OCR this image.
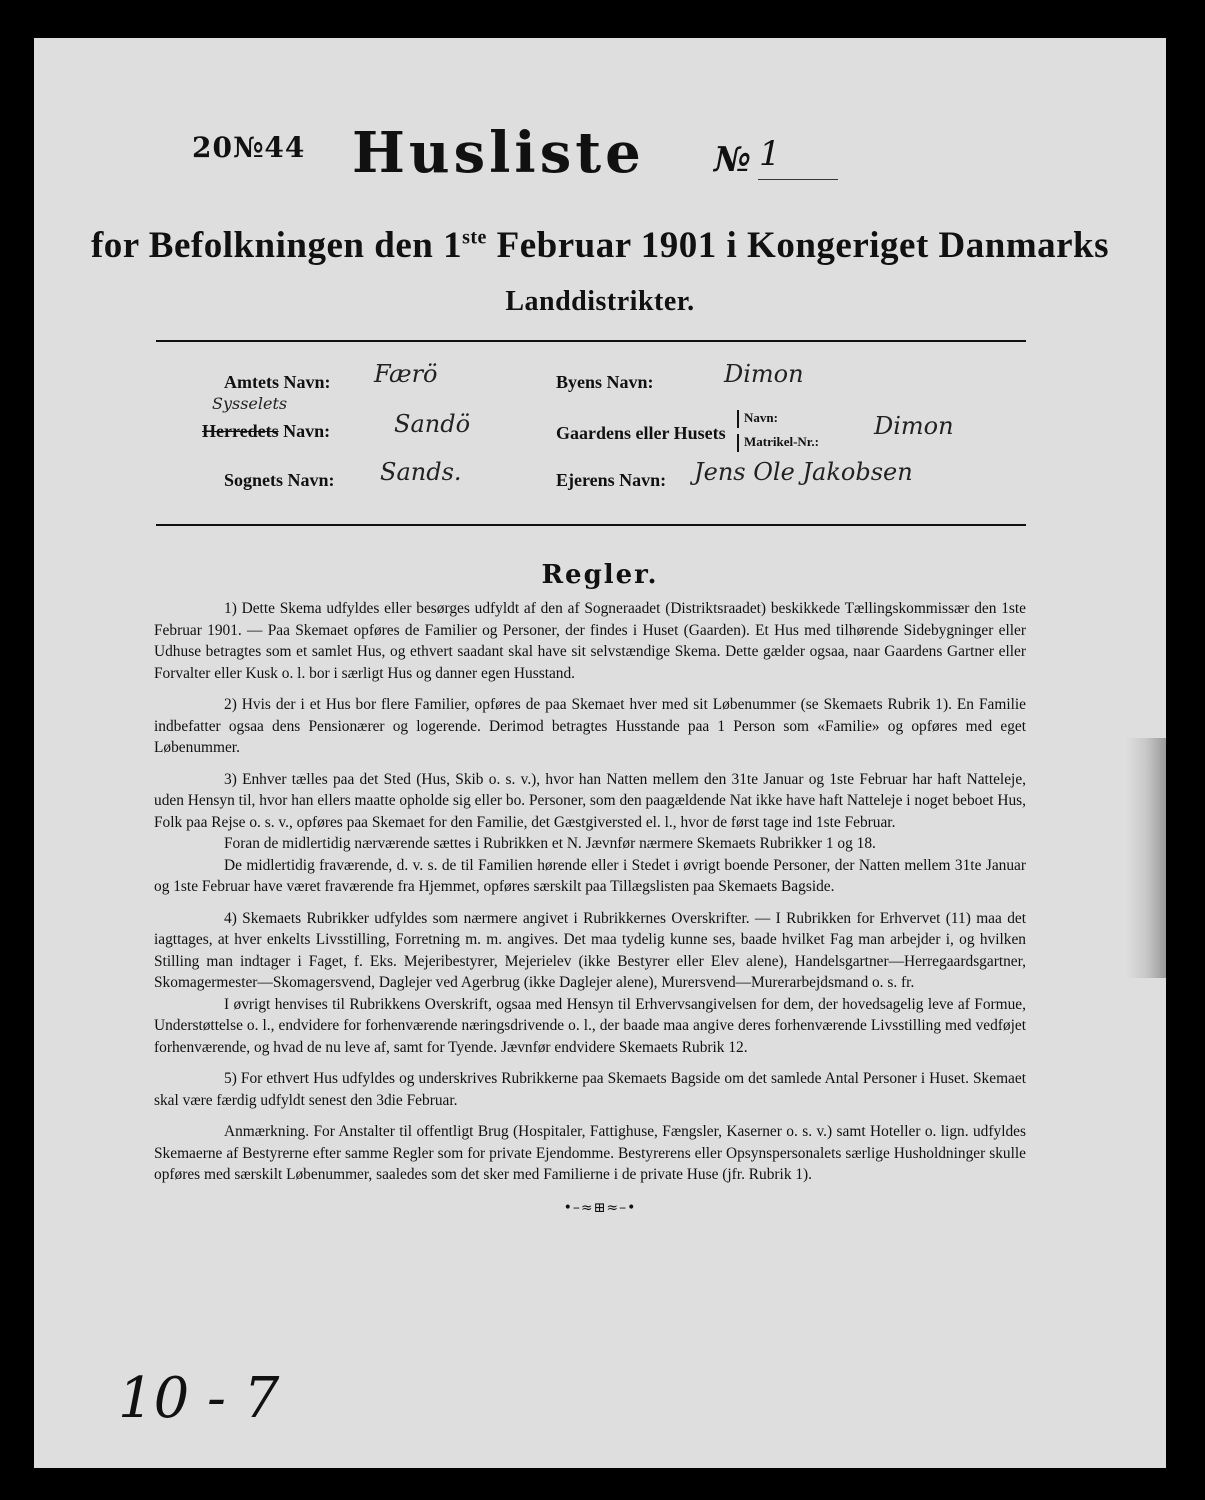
20№44 Husliste № 1
for Befolkningen den 1ste Februar 1901 i Kongeriget Danmarks
Landdistrikter.
Amtets Navn: Færö
Sysselets
Herredets Navn:	Sandö
Sognets Navn: Sands.
Byens Navn:	Dimon
Gaardens eller Husets
Navn:
Matrikel-Nr.:
Dimon
Ejerens Navn: Jens Ole Jakobsen
Regler.

1) Dette Skema udfyldes eller besørges udfyldt af den af Sogneraadet (Distriktsraadet) beskikkede Tællingskommissær den 1ste Februar 1901. — Paa Skemaet opføres de Familier og Personer, der findes i Huset (Gaarden). Et Hus med tilhørende Sidebygninger eller Udhuse betragtes som et samlet Hus, og ethvert saadant skal have sit selvstændige Skema. Dette gælder ogsaa, naar Gaardens Gartner eller Forvalter eller Kusk o. l. bor i særligt Hus og danner egen Husstand.

2) Hvis der i et Hus bor flere Familier, opføres de paa Skemaet hver med sit Løbenummer (se Skemaets Rubrik 1). En Familie indbefatter ogsaa dens Pensionærer og logerende. Derimod betragtes Husstande paa 1 Person som «Familie» og opføres med eget Løbenummer.

3) Enhver tælles paa det Sted (Hus, Skib o. s. v.), hvor han Natten mellem den 31te Januar og 1ste Februar har haft Natteleje, uden Hensyn til, hvor han ellers maatte opholde sig eller bo. Personer, som den paagældende Nat ikke have haft Natteleje i noget beboet Hus, Folk paa Rejse o. s. v., opføres paa Skemaet for den Familie, det Gæstgiversted el. l., hvor de først tage ind 1ste Februar.

Foran de midlertidig nærværende sættes i Rubrikken et N. Jævnfør nærmere Skemaets Rubrikker 1 og 18.

De midlertidig fraværende, d. v. s. de til Familien hørende eller i Stedet i øvrigt boende Personer, der Natten mellem 31te Januar og 1ste Februar have været fraværende fra Hjemmet, opføres særskilt paa Tillægslisten paa Skemaets Bagside.

4) Skemaets Rubrikker udfyldes som nærmere angivet i Rubrikkernes Overskrifter. — I Rubrikken for Erhvervet (11) maa det iagttages, at hver enkelts Livsstilling, Forretning m. m. angives. Det maa tydelig kunne ses, baade hvilket Fag man arbejder i, og hvilken Stilling man indtager i Faget, f. Eks. Mejeribestyrer, Mejerielev (ikke Bestyrer eller Elev alene), Handelsgartner—Herregaardsgartner, Skomagermester—Skomagersvend, Daglejer ved Agerbrug (ikke Daglejer alene), Murersvend—Murerarbejdsmand o. s. fr.

I øvrigt henvises til Rubrikkens Overskrift, ogsaa med Hensyn til Erhvervsangivelsen for dem, der hovedsagelig leve af Formue, Understøttelse o. l., endvidere for forhenværende næringsdrivende o. l., der baade maa angive deres forhenværende Livsstilling med vedføjet forhenværende, og hvad de nu leve af, samt for Tyende. Jævnfør endvidere Skemaets Rubrik 12.

5) For ethvert Hus udfyldes og underskrives Rubrikkerne paa Skemaets Bagside om det samlede Antal Personer i Huset. Skemaet skal være færdig udfyldt senest den 3die Februar.

Anmærkning. For Anstalter til offentligt Brug (Hospitaler, Fattighuse, Fængsler, Kaserner o. s. v.) samt Hoteller o. lign. udfyldes Skemaerne af Bestyrerne efter samme Regler som for private Ejendomme. Bestyrerens eller Opsynspersonalets særlige Husholdninger skulle opføres med særskilt Løbenummer, saaledes som det sker med Familierne i de private Huse (jfr. Rubrik 1).

•–≈⊞≈–•
10 - 7
